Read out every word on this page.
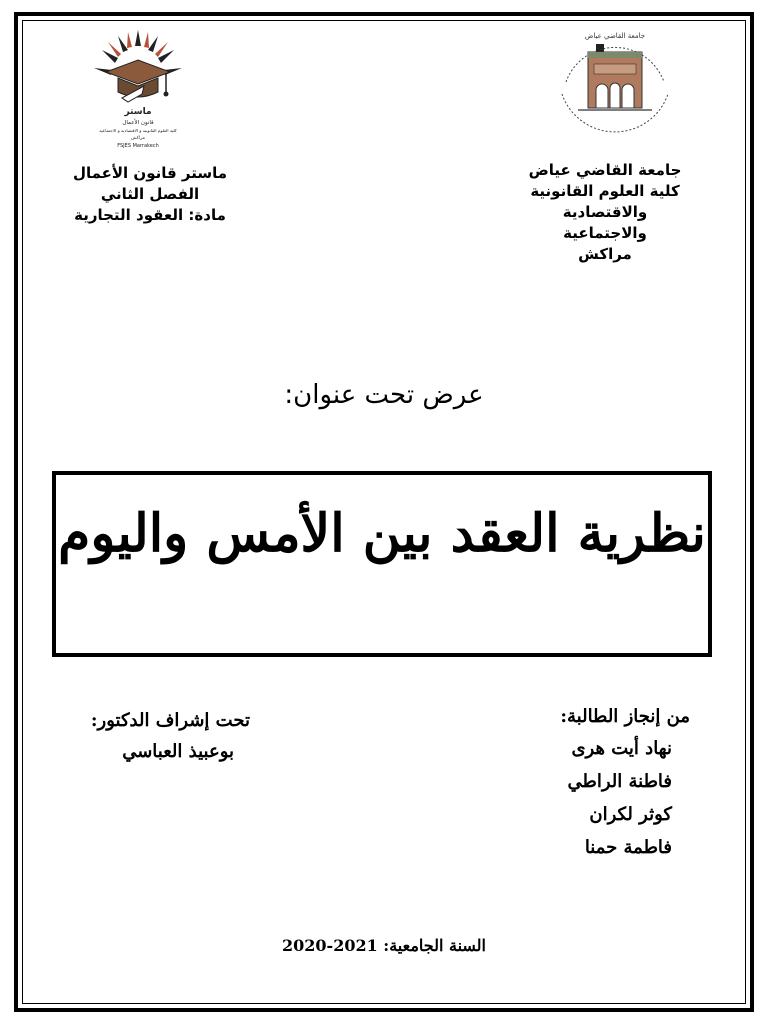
جامعة القاضي عياض
جامعة القاضي عياض
كلية العلوم القانونية والاقتصادية
والاجتماعية
مراكش
ماستر
قانون الأعمال
كلية العلوم القانونية و الاقتصادية و الاجتماعية
مراكش
FSJES Marrakech
ماستر قانون الأعمال
الفصل الثاني
مادة: العقود التجارية
عرض تحت عنوان:
نظرية العقد بين الأمس واليوم
من إنجاز الطالبة:
نهاد أيت هرى
فاطنة الراطي
كوثر لكران
فاطمة حمنا
تحت إشراف الدكتور:
بوعبيذ العباسي
السنة الجامعية: 2021-2020
